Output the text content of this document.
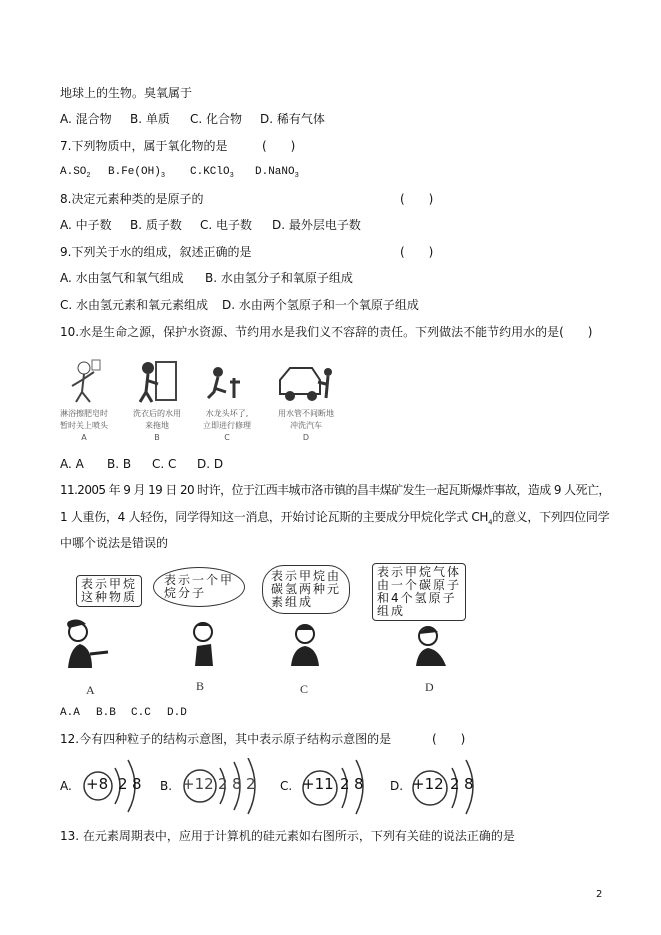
地球上的生物。臭氧属于
A. 混合物 B. 单质 C. 化合物 D. 稀有气体
7.下列物质中，属于氧化物的是	(　　)
$A.SO_2$ $B.Fe(OH)_3$ C.KClO$_3$ D.NaNO$_3$
8.决定元素种类的是原子的	(　　)
A. 中子数 B. 质子数 C. 电子数 D. 最外层电子数
9.下列关于水的组成，叙述正确的是	(　　)
A. 水由氢气和氧气组成 B. 水由氢分子和氧原子组成
C. 水由氢元素和氧元素组成 D. 水由两个氢原子和一个氧原子组成
10.水是生命之源，保护水资源、节约用水是我们义不容辞的责任。下列做法不能节约用水的是(　　)
淋浴擦肥皂时
暂时关上喷头
A
洗衣后的水用
来拖地
B
水龙头坏了,
立即进行修理
C
用水管不间断地
冲洗汽车
D
A. A B. B C. C D. D
11.2005 年 9 月 19 日 20 时许，位于江西丰城市洛市镇的昌丰煤矿发生一起瓦斯爆炸事故，造成 9 人死亡，
1 人重伤，4 人轻伤，同学得知这一消息，开始讨论瓦斯的主要成分甲烷化学式 $CH_4$的意义，下列四位同学
中哪个说法是错误的
表示甲烷
这种物质
表示一个甲
烷分子
表示甲烷由
碳氢两种元
素组成
表示甲烷气体
由一个碳原子
和4个氢原子
组成
A	B	C	D
A.A B.B C.C D.D
12.今有四种粒子的结构示意图，其中表示原子结构示意图的是	(　　)
A. +8 2 8 B. +12 2 8 2 C. +11 2 8 D. +12 2 8
13. 在元素周期表中，应用于计算机的硅元素如右图所示，下列有关硅的说法正确的是
2
